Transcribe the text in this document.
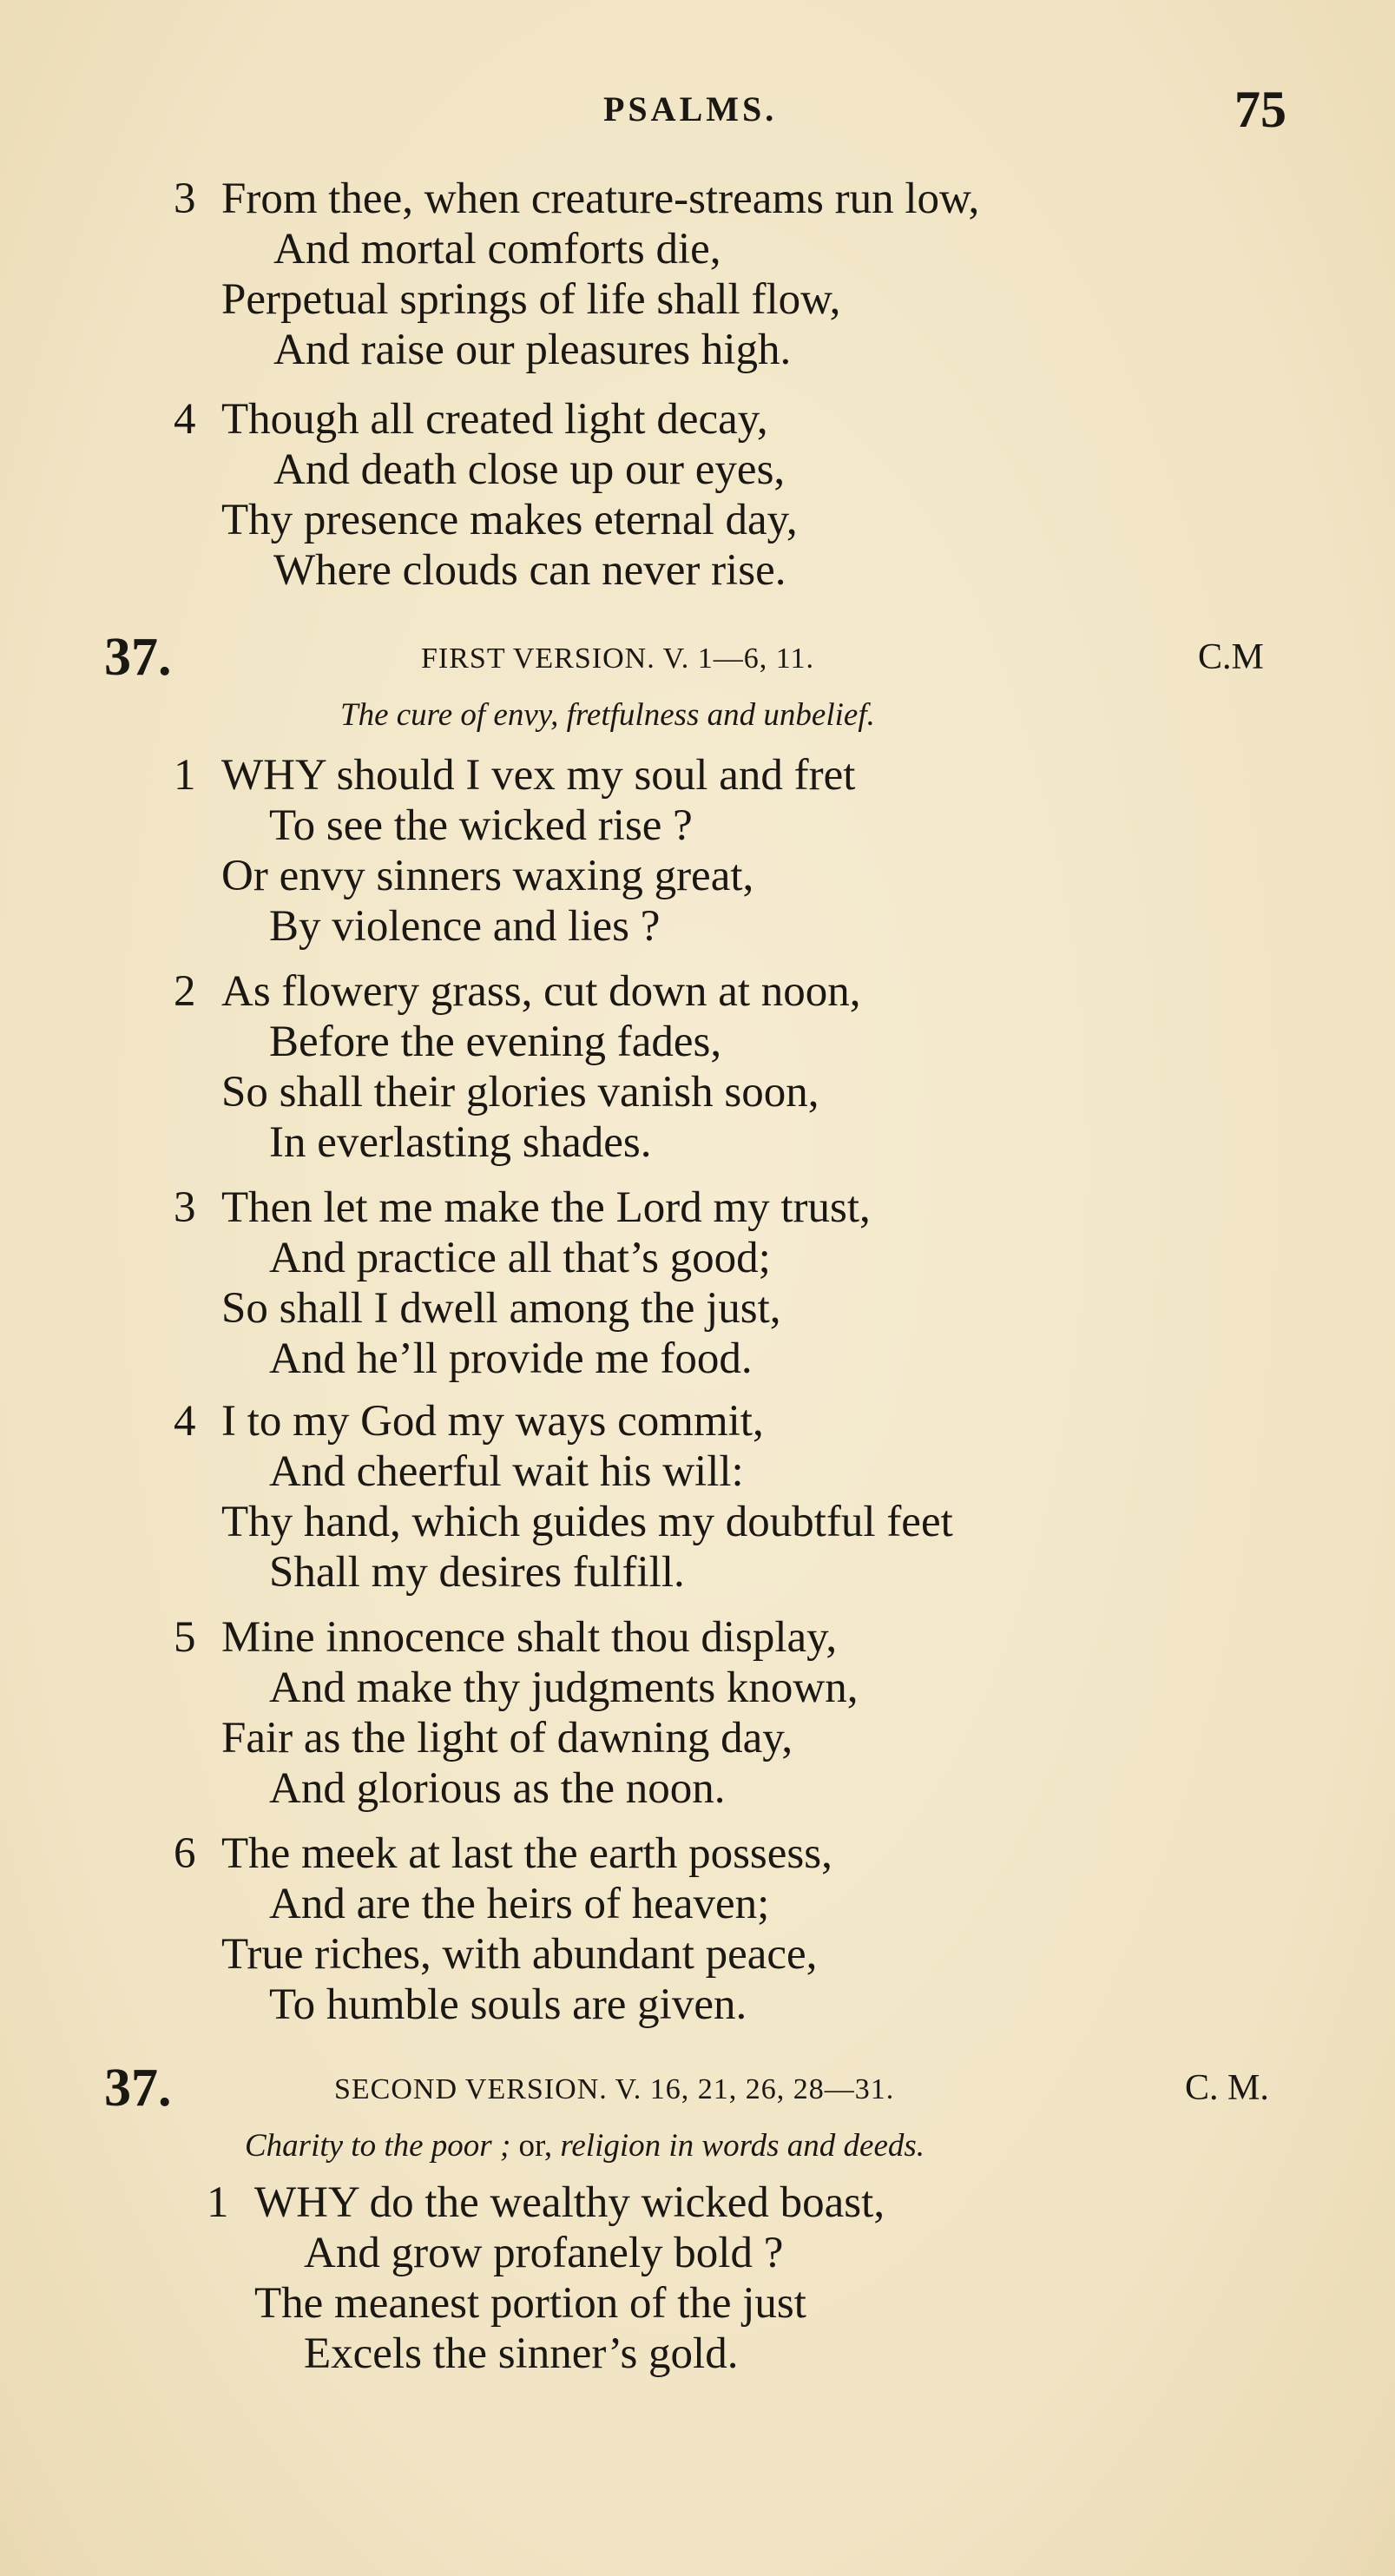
PSALMS.	75
3 From thee, when creature-streams run low,
And mortal comforts die,
Perpetual springs of life shall flow,
And raise our pleasures high.
4 Though all created light decay,
And death close up our eyes,
Thy presence makes eternal day,
Where clouds can never rise.
37.	FIRST VERSION. V. 1—6, 11.	C.M
The cure of envy, fretfulness and unbelief.
1 WHY should I vex my soul and fret
To see the wicked rise ?
Or envy sinners waxing great,
By violence and lies ?
2 As flowery grass, cut down at noon,
Before the evening fades,
So shall their glories vanish soon,
In everlasting shades.
3 Then let me make the Lord my trust,
And practice all that’s good;
So shall I dwell among the just,
And he’ll provide me food.
4 I to my God my ways commit,
And cheerful wait his will:
Thy hand, which guides my doubtful feet
Shall my desires fulfill.
5 Mine innocence shalt thou display,
And make thy judgments known,
Fair as the light of dawning day,
And glorious as the noon.
6 The meek at last the earth possess,
And are the heirs of heaven;
True riches, with abundant peace,
To humble souls are given.
37.	SECOND VERSION. V. 16, 21, 26, 28—31.	C. M.
Charity to the poor ; or, religion in words and deeds.
1 WHY do the wealthy wicked boast,
And grow profanely bold ?
The meanest portion of the just
Excels the sinner’s gold.
